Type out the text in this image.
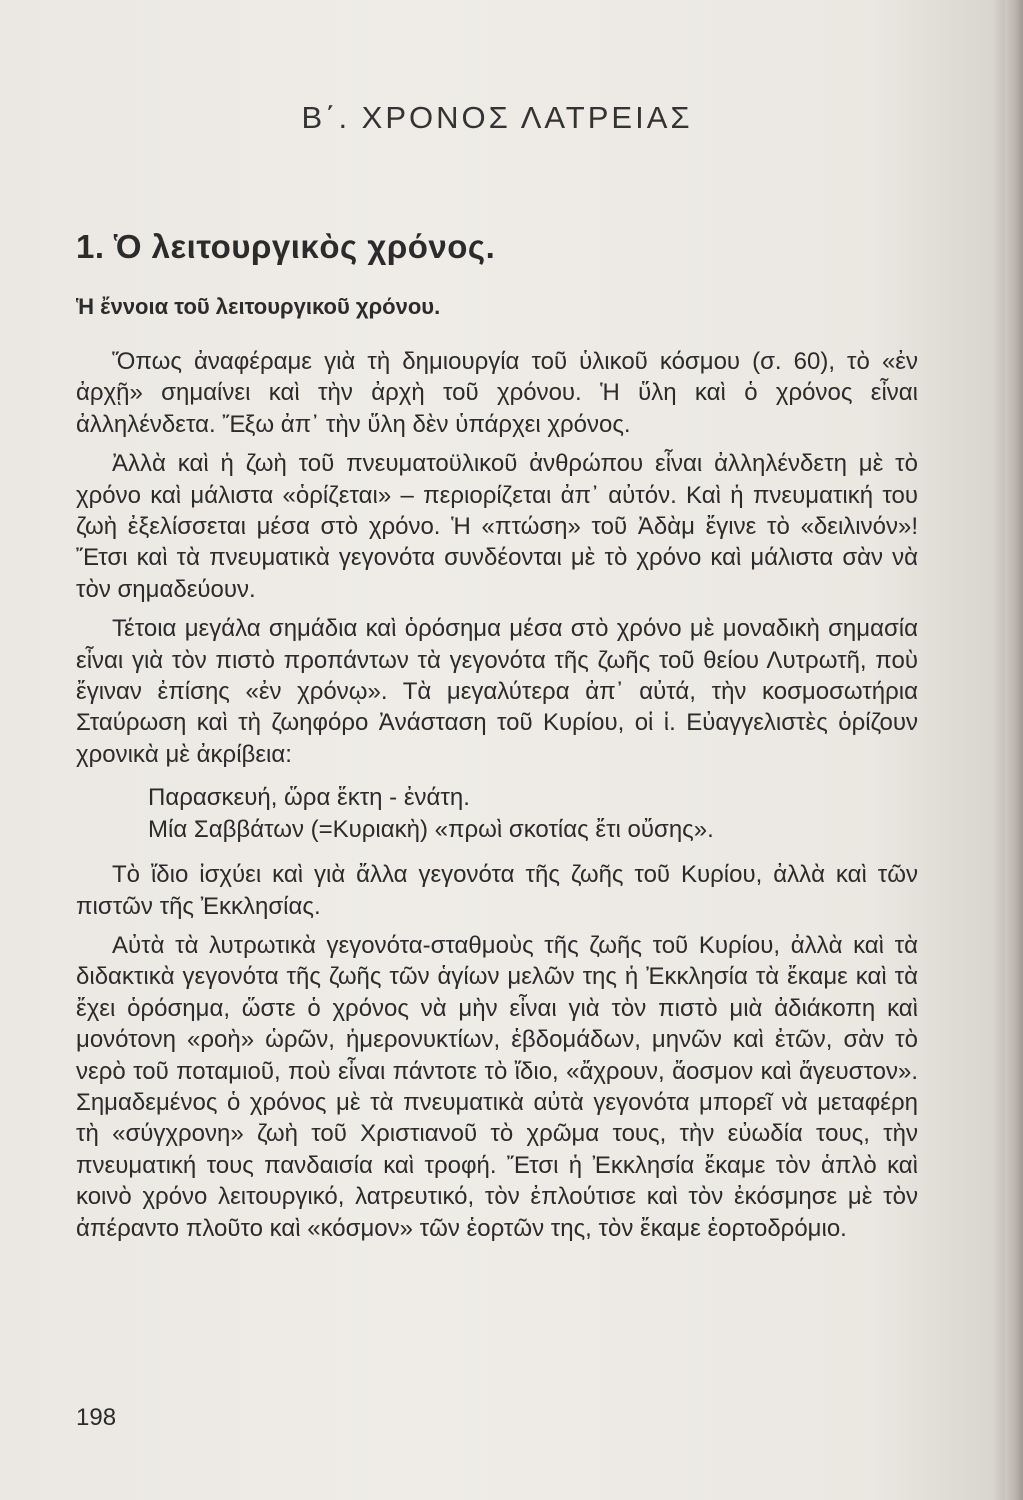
Β΄. ΧΡΟΝΟΣ ΛΑΤΡΕΙΑΣ
1. Ὁ λειτουργικὸς χρόνος.
Ἡ ἔννοια τοῦ λειτουργικοῦ χρόνου.

Ὅπως ἀναφέραμε γιὰ τὴ δημιουργία τοῦ ὑλικοῦ κόσμου (σ. 60), τὸ «ἐν ἀρχῇ» σημαίνει καὶ τὴν ἀρχὴ τοῦ χρόνου. Ἡ ὕλη καὶ ὁ χρόνος εἶναι ἀλληλένδετα. Ἔξω ἀπ᾽ τὴν ὕλη δὲν ὑπάρχει χρόνος.

Ἀλλὰ καὶ ἡ ζωὴ τοῦ πνευματοϋλικοῦ ἀνθρώπου εἶναι ἀλληλένδετη μὲ τὸ χρόνο καὶ μάλιστα «ὁρίζεται» – περιορίζεται ἀπ᾽ αὐτόν. Καὶ ἡ πνευματική του ζωὴ ἐξελίσσεται μέσα στὸ χρόνο. Ἡ «πτώση» τοῦ Ἀδὰμ ἔγινε τὸ «δειλινόν»! Ἔτσι καὶ τὰ πνευματικὰ γεγονότα συνδέονται μὲ τὸ χρόνο καὶ μάλιστα σὰν νὰ τὸν σημαδεύουν.

Τέτοια μεγάλα σημάδια καὶ ὁρόσημα μέσα στὸ χρόνο μὲ μοναδικὴ σημασία εἶναι γιὰ τὸν πιστὸ προπάντων τὰ γεγονότα τῆς ζωῆς τοῦ θείου Λυτρωτῆ, ποὺ ἔγιναν ἐπίσης «ἐν χρόνῳ». Τὰ μεγαλύτερα ἀπ᾽ αὐτά, τὴν κοσμοσωτήρια Σταύρωση καὶ τὴ ζωηφόρο Ἀνάσταση τοῦ Κυρίου, οἱ ἱ. Εὐαγγελιστὲς ὁρίζουν χρονικὰ μὲ ἀκρίβεια:

Παρασκευή, ὥρα ἕκτη - ἐνάτη.
Μία Σαββάτων (=Κυριακὴ) «πρωὶ σκοτίας ἔτι οὔσης».

Τὸ ἴδιο ἰσχύει καὶ γιὰ ἄλλα γεγονότα τῆς ζωῆς τοῦ Κυρίου, ἀλλὰ καὶ τῶν πιστῶν τῆς Ἐκκλησίας.

Αὐτὰ τὰ λυτρωτικὰ γεγονότα-σταθμοὺς τῆς ζωῆς τοῦ Κυρίου, ἀλλὰ καὶ τὰ διδακτικὰ γεγονότα τῆς ζωῆς τῶν ἁγίων μελῶν της ἡ Ἐκκλησία τὰ ἔκαμε καὶ τὰ ἔχει ὁρόσημα, ὥστε ὁ χρόνος νὰ μὴν εἶναι γιὰ τὸν πιστὸ μιὰ ἀδιάκοπη καὶ μονότονη «ροὴ» ὡρῶν, ἡμερονυκτίων, ἑβδομάδων, μηνῶν καὶ ἐτῶν, σὰν τὸ νερὸ τοῦ ποταμιοῦ, ποὺ εἶναι πάντοτε τὸ ἴδιο, «ἄχρουν, ἄοσμον καὶ ἄγευστον». Σημαδεμένος ὁ χρόνος μὲ τὰ πνευματικὰ αὐτὰ γεγονότα μπορεῖ νὰ μεταφέρη τὴ «σύγχρονη» ζωὴ τοῦ Χριστιανοῦ τὸ χρῶμα τους, τὴν εὐωδία τους, τὴν πνευματική τους πανδαισία καὶ τροφή. Ἔτσι ἡ Ἐκκλησία ἔκαμε τὸν ἁπλὸ καὶ κοινὸ χρόνο λειτουργικό, λατρευτικό, τὸν ἐπλούτισε καὶ τὸν ἐκόσμησε μὲ τὸν ἀπέραντο πλοῦτο καὶ «κόσμον» τῶν ἑορτῶν της, τὸν ἔκαμε ἑορτοδρόμιο.

198
